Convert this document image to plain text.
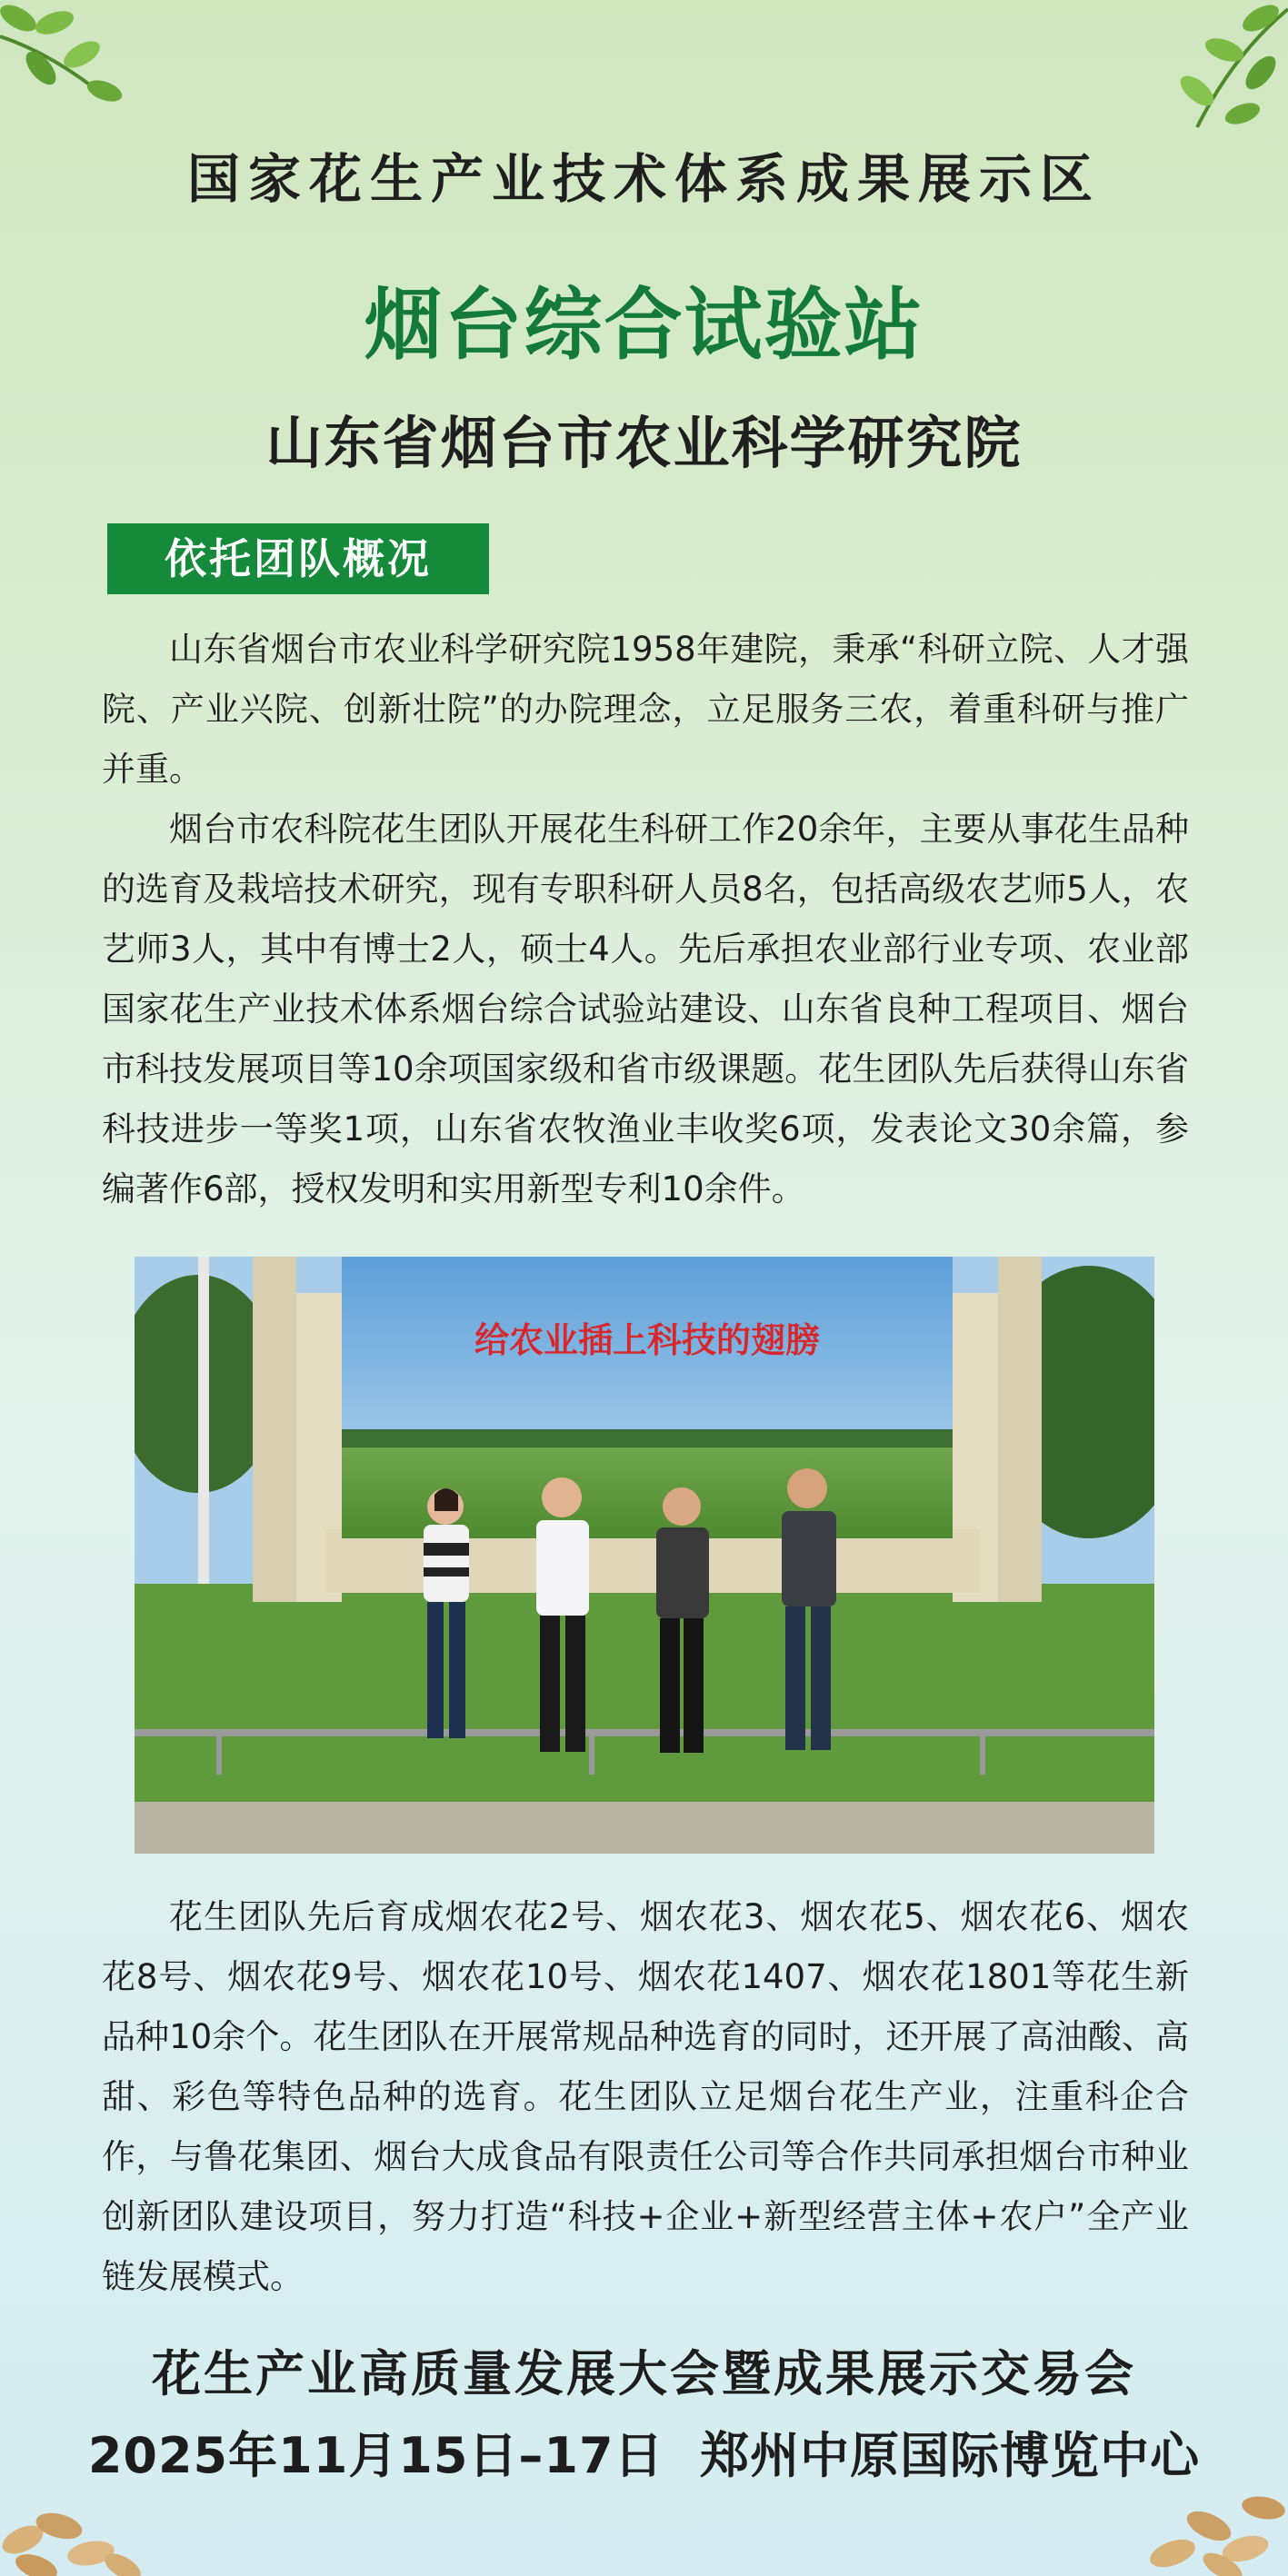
国家花生产业技术体系成果展示区
烟台综合试验站
山东省烟台市农业科学研究院
依托团队概况

山东省烟台市农业科学研究院1958年建院，秉承“科研立院、人才强院、产业兴院、创新壮院”的办院理念，立足服务三农，着重科研与推广并重。

烟台市农科院花生团队开展花生科研工作20余年，主要从事花生品种的选育及栽培技术研究，现有专职科研人员8名，包括高级农艺师5人，农艺师3人，其中有博士2人，硕士4人。先后承担农业部行业专项、农业部国家花生产业技术体系烟台综合试验站建设、山东省良种工程项目、烟台市科技发展项目等10余项国家级和省市级课题。花生团队先后获得山东省科技进步一等奖1项，山东省农牧渔业丰收奖6项，发表论文30余篇，参编著作6部，授权发明和实用新型专利10余件。

给农业插上科技的翅膀

花生团队先后育成烟农花2号、烟农花3、烟农花5、烟农花6、烟农花8号、烟农花9号、烟农花10号、烟农花1407、烟农花1801等花生新品种10余个。花生团队在开展常规品种选育的同时，还开展了高油酸、高甜、彩色等特色品种的选育。花生团队立足烟台花生产业，注重科企合作，与鲁花集团、烟台大成食品有限责任公司等合作共同承担烟台市种业创新团队建设项目，努力打造“科技+企业+新型经营主体+农户”全产业链发展模式。

花生产业高质量发展大会暨成果展示交易会
2025年11月15日–17日  郑州中原国际博览中心
